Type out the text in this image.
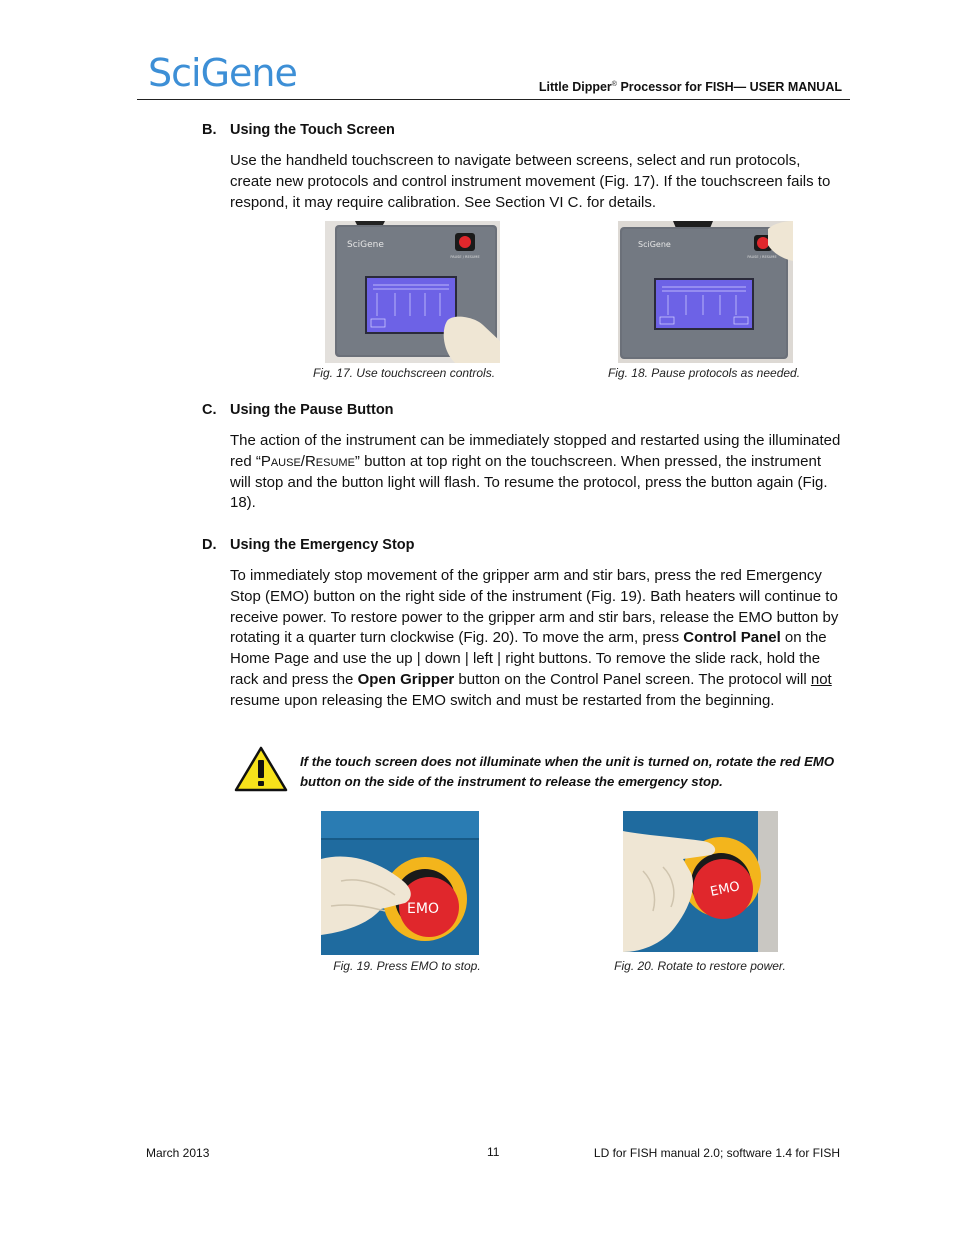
SciGene	Little Dipper® Processor for FISH— USER MANUAL
B. Using the Touch Screen
Use the handheld touchscreen to navigate between screens, select and run protocols, create new protocols and control instrument movement (Fig. 17). If the touchscreen fails to respond, it may require calibration. See Section VI C. for details.
SciGene
PAUSE / RESUME
Fig. 17. Use touchscreen controls.
SciGene
PAUSE / RESUME
Fig. 18. Pause protocols as needed.
C. Using the Pause Button
The action of the instrument can be immediately stopped and restarted using the illuminated red “Pause/Resume” button at top right on the touchscreen. When pressed, the instrument will stop and the button light will flash. To resume the protocol, press the button again (Fig. 18).
D. Using the Emergency Stop
To immediately stop movement of the gripper arm and stir bars, press the red Emergency Stop (EMO) button on the right side of the instrument (Fig. 19). Bath heaters will continue to receive power. To restore power to the gripper arm and stir bars, release the EMO button by rotating it a quarter turn clockwise (Fig. 20). To move the arm, press Control Panel on the Home Page and use the up | down | left | right buttons. To remove the slide rack, hold the rack and press the Open Gripper button on the Control Panel screen. The protocol will not resume upon releasing the EMO switch and must be restarted from the beginning.
If the touch screen does not illuminate when the unit is turned on, rotate the red EMO button on the side of the instrument to release the emergency stop.
EMO
Fig. 19. Press EMO to stop.
EMO
Fig. 20. Rotate to restore power.
March 2013	11	LD for FISH manual 2.0; software 1.4 for FISH
